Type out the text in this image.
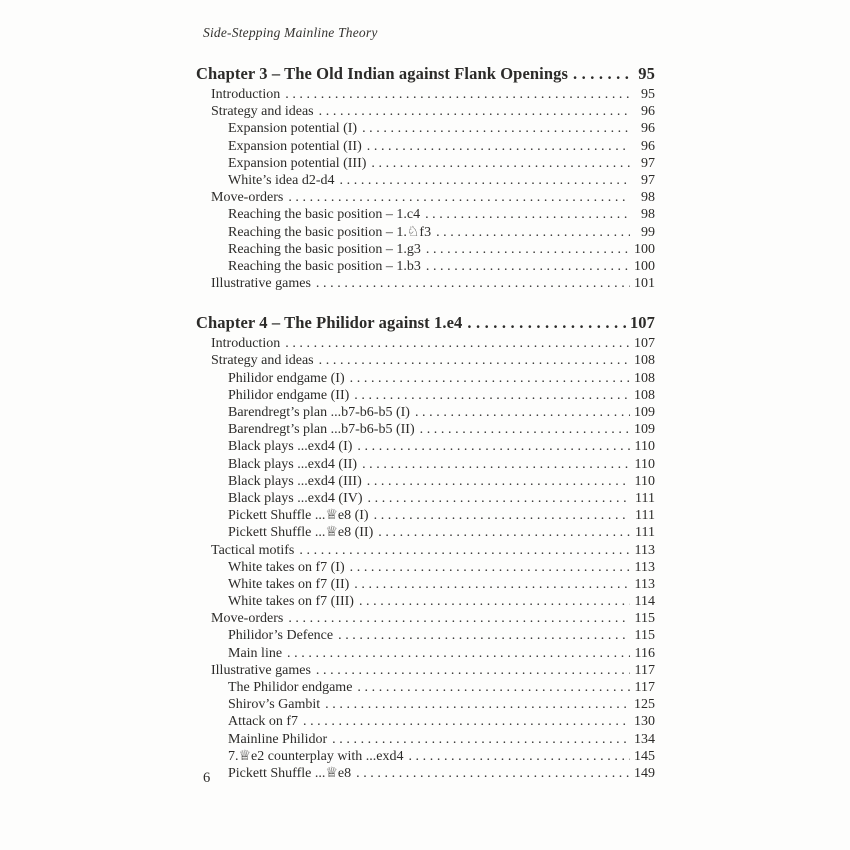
Side-Stepping Mainline Theory
Chapter 3 – The Old Indian against Flank Openings .....	95
Introduction .....	95
Strategy and ideas .....	96
Expansion potential (I) .....	96
Expansion potential (II) .....	96
Expansion potential (III) .....	97
White’s idea d2-d4 .....	97
Move-orders .....	98
Reaching the basic position – 1.c4 .....	98
Reaching the basic position – 1.♘f3 .....	99
Reaching the basic position – 1.g3 .....	100
Reaching the basic position – 1.b3 .....	100
Illustrative games .....	101
Chapter 4 – The Philidor against 1.e4 .....	107
Introduction .....	107
Strategy and ideas .....	108
Philidor endgame (I) .....	108
Philidor endgame (II) .....	108
Barendregt’s plan ...b7-b6-b5 (I) .....	109
Barendregt’s plan ...b7-b6-b5 (II) .....	109
Black plays ...exd4 (I) .....	110
Black plays ...exd4 (II) .....	110
Black plays ...exd4 (III) .....	110
Black plays ...exd4 (IV) .....	111
Pickett Shuffle ...♕e8 (I) .....	111
Pickett Shuffle ...♕e8 (II) .....	111
Tactical motifs .....	113
White takes on f7 (I) .....	113
White takes on f7 (II) .....	113
White takes on f7 (III) .....	114
Move-orders .....	115
Philidor’s Defence .....	115
Main line .....	116
Illustrative games .....	117
The Philidor endgame .....	117
Shirov’s Gambit .....	125
Attack on f7 .....	130
Mainline Philidor .....	134
7.♕e2 counterplay with ...exd4 .....	145
Pickett Shuffle ...♕e8 .....	149
6
